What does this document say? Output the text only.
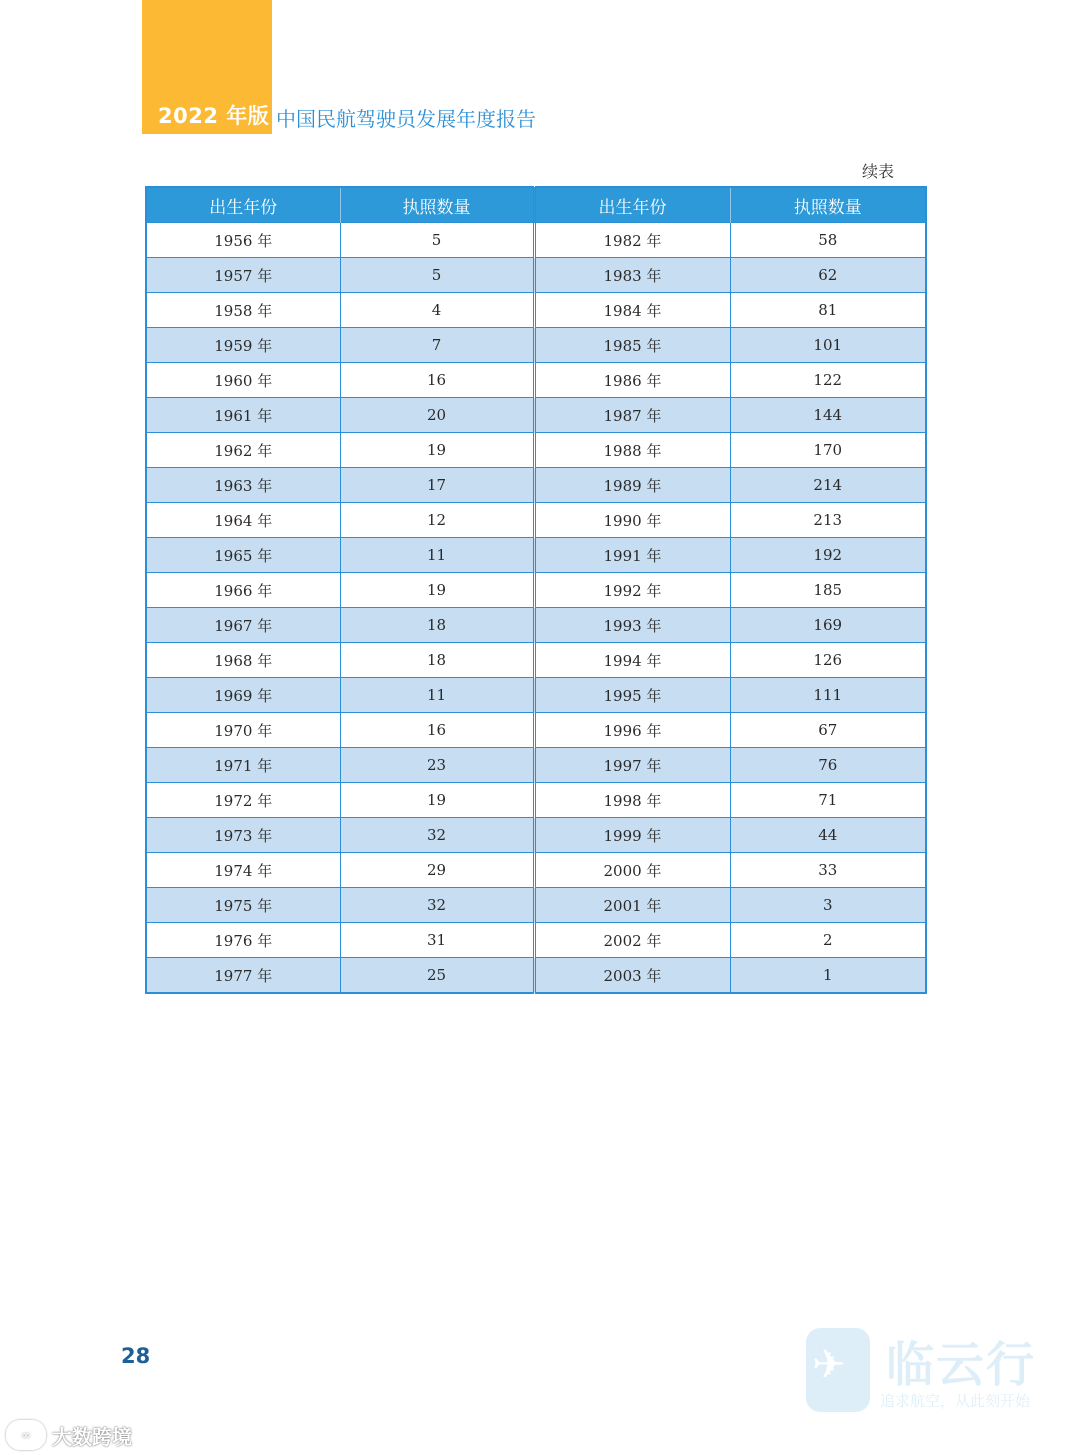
2022 年版 中国民航驾驶员发展年度报告
续表
出生年份	执照数量	出生年份	执照数量
1956 年	5	1982 年	58
1957 年	5	1983 年	62
1958 年	4	1984 年	81
1959 年	7	1985 年	101
1960 年	16	1986 年	122
1961 年	20	1987 年	144
1962 年	19	1988 年	170
1963 年	17	1989 年	214
1964 年	12	1990 年	213
1965 年	11	1991 年	192
1966 年	19	1992 年	185
1967 年	18	1993 年	169
1968 年	18	1994 年	126
1969 年	11	1995 年	111
1970 年	16	1996 年	67
1971 年	23	1997 年	76
1972 年	19	1998 年	71
1973 年	32	1999 年	44
1974 年	29	2000 年	33
1975 年	32	2001 年	3
1976 年	31	2002 年	2
1977 年	25	2003 年	1
28	✈ 临云行
追求航空，从此刻开始
∞	大数跨境
